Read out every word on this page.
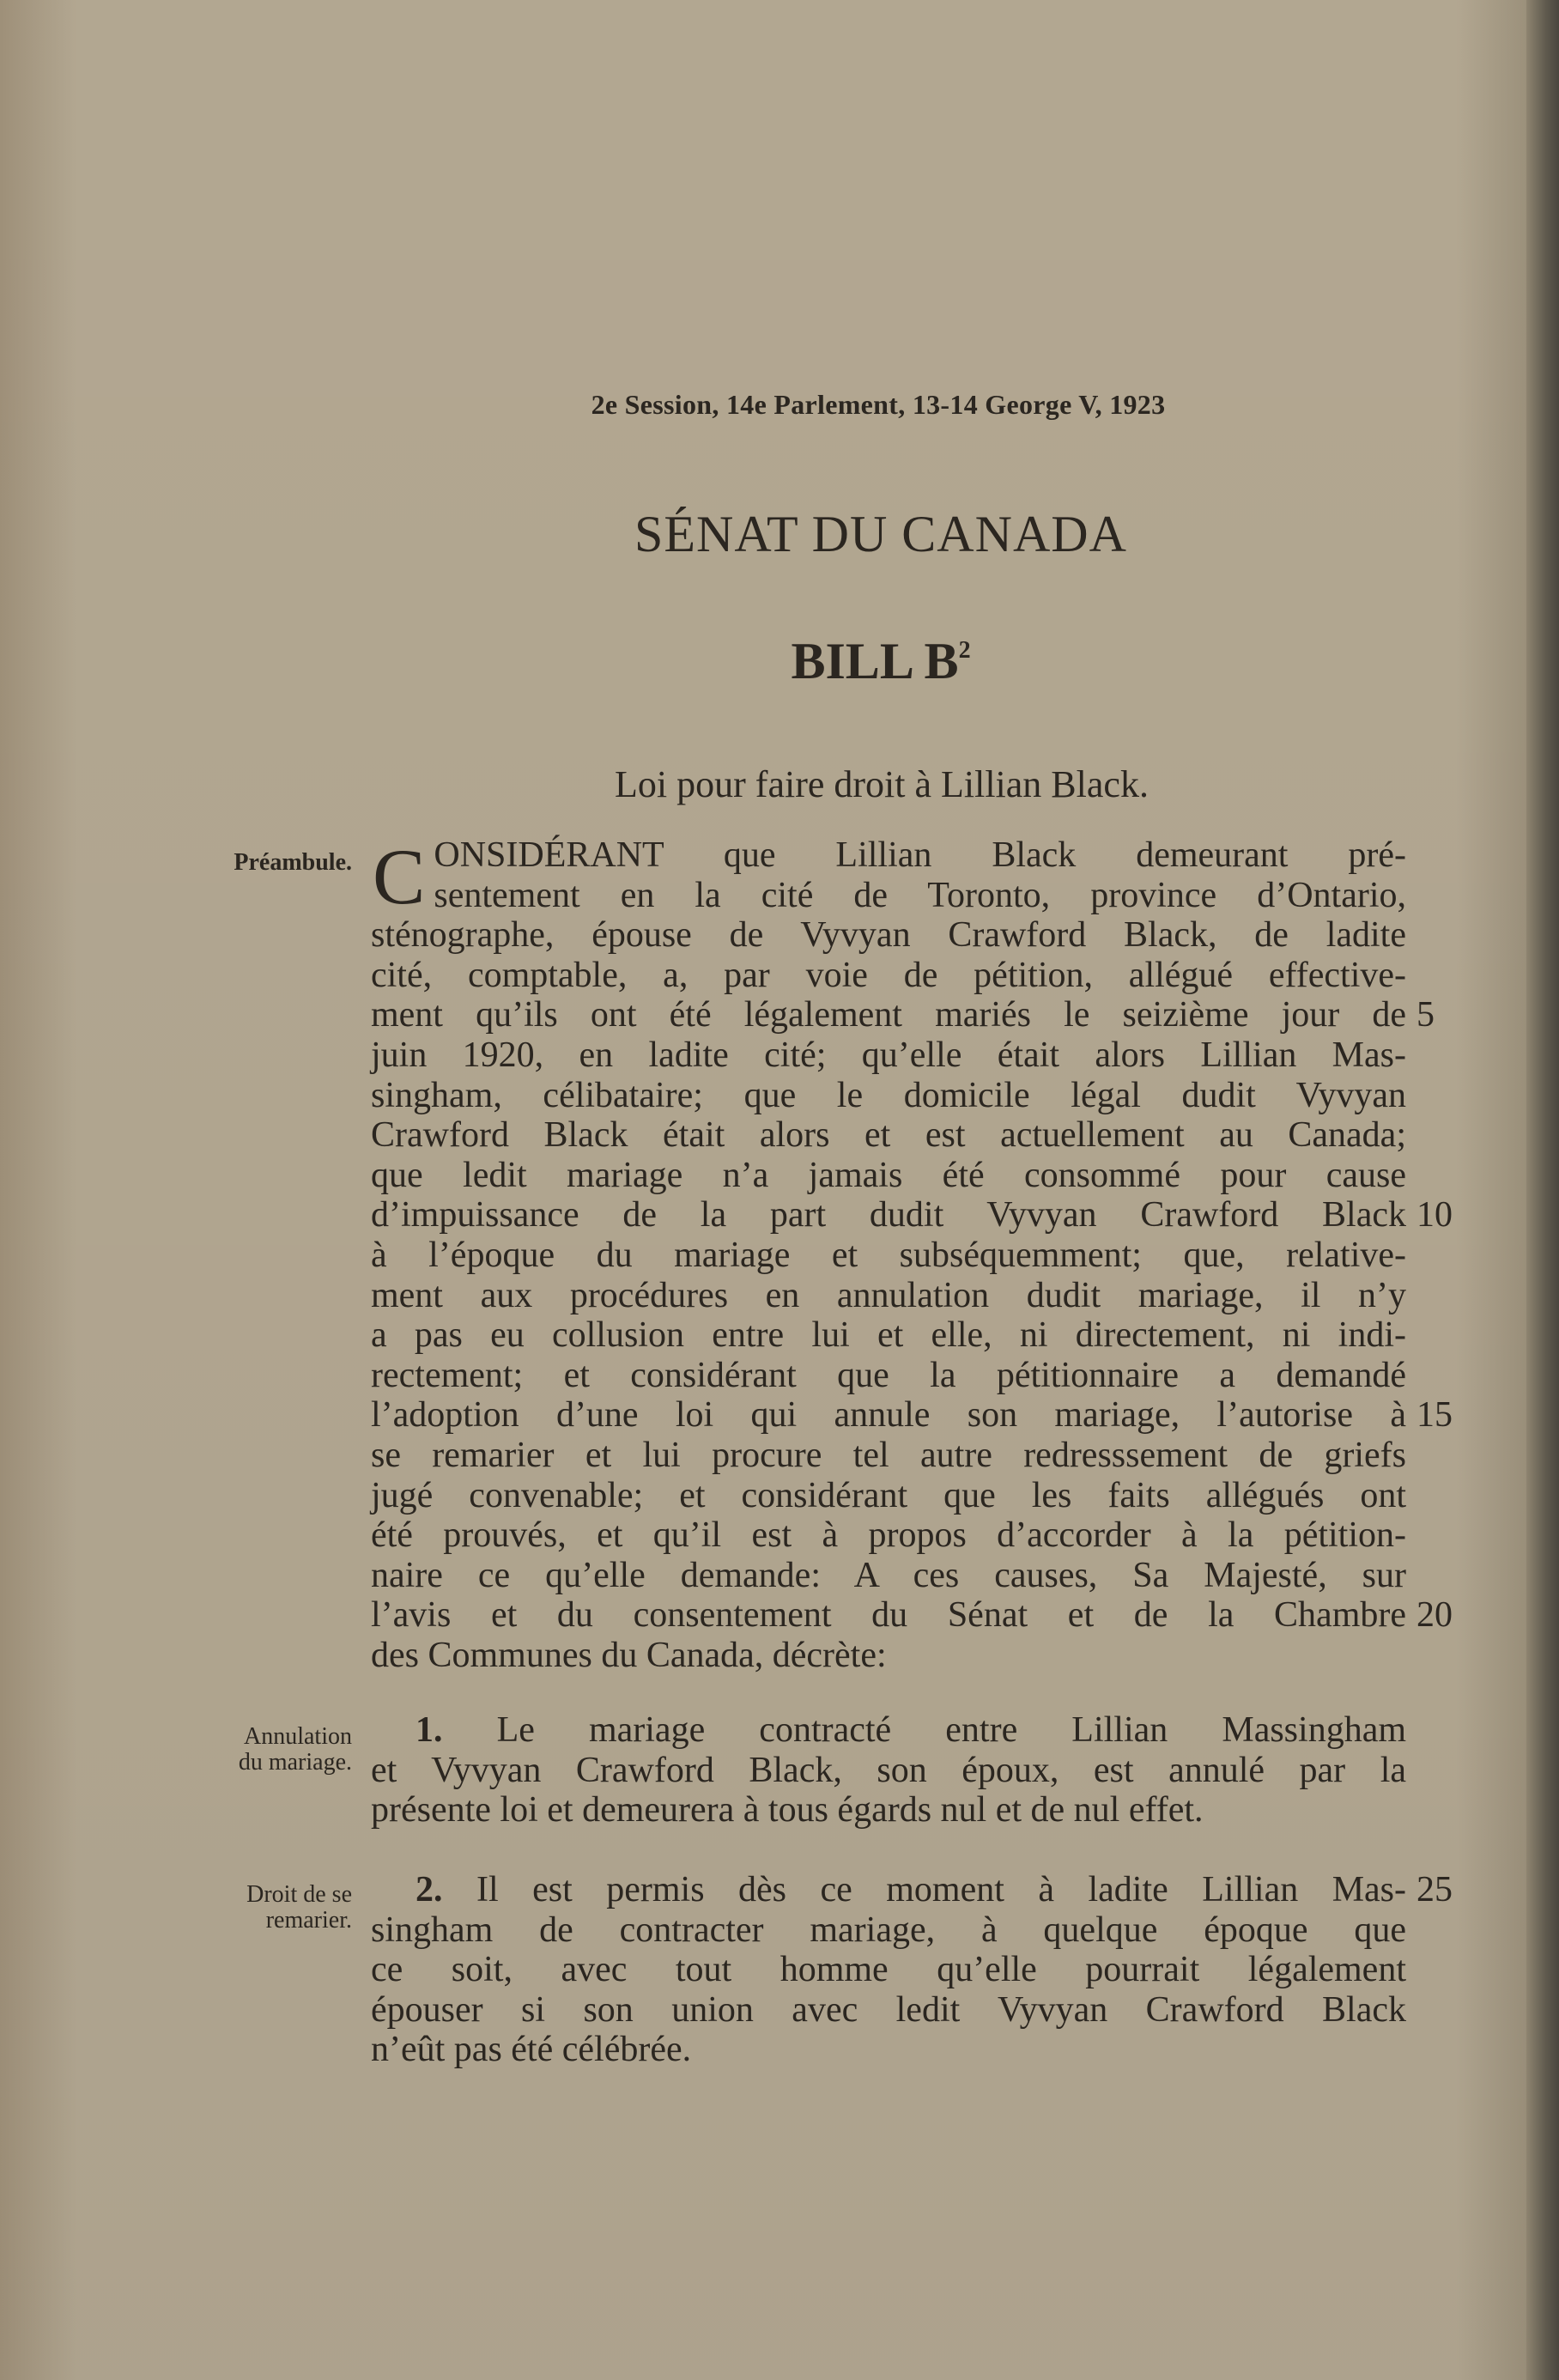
2e Session, 14e Parlement, 13-14 George V, 1923
SÉNAT DU CANADA
BILL $B^2$
Loi pour faire droit à Lillian Black.
Préambule.
Annulation
du mariage.
Droit de se
remarier.
C ONSIDÉRANT que Lillian Black demeurant pré-
sentement en la cité de Toronto, province d’Ontario,
sténographe, épouse de Vyvyan Crawford Black, de ladite
cité, comptable, a, par voie de pétition, allégué effective-
ment qu’ils ont été légalement mariés le seizième jour de
juin 1920, en ladite cité; qu’elle était alors Lillian Mas-
singham, célibataire; que le domicile légal dudit Vyvyan
Crawford Black était alors et est actuellement au Canada;
que ledit mariage n’a jamais été consommé pour cause
d’impuissance de la part dudit Vyvyan Crawford Black
à l’époque du mariage et subséquemment; que, relative-
ment aux procédures en annulation dudit mariage, il n’y
a pas eu collusion entre lui et elle, ni directement, ni indi-
rectement; et considérant que la pétitionnaire a demandé
l’adoption d’une loi qui annule son mariage, l’autorise à
se remarier et lui procure tel autre redresssement de griefs
jugé convenable; et considérant que les faits allégués ont
été prouvés, et qu’il est à propos d’accorder à la pétition-
naire ce qu’elle demande: A ces causes, Sa Majesté, sur
l’avis et du consentement du Sénat et de la Chambre
des Communes du Canada, décrète:
1. Le mariage contracté entre Lillian Massingham
et Vyvyan Crawford Black, son époux, est annulé par la
présente loi et demeurera à tous égards nul et de nul effet.
2. Il est permis dès ce moment à ladite Lillian Mas-
singham de contracter mariage, à quelque époque que
ce soit, avec tout homme qu’elle pourrait légalement
épouser si son union avec ledit Vyvyan Crawford Black
n’eût pas été célébrée.
5
10
15
20
25
